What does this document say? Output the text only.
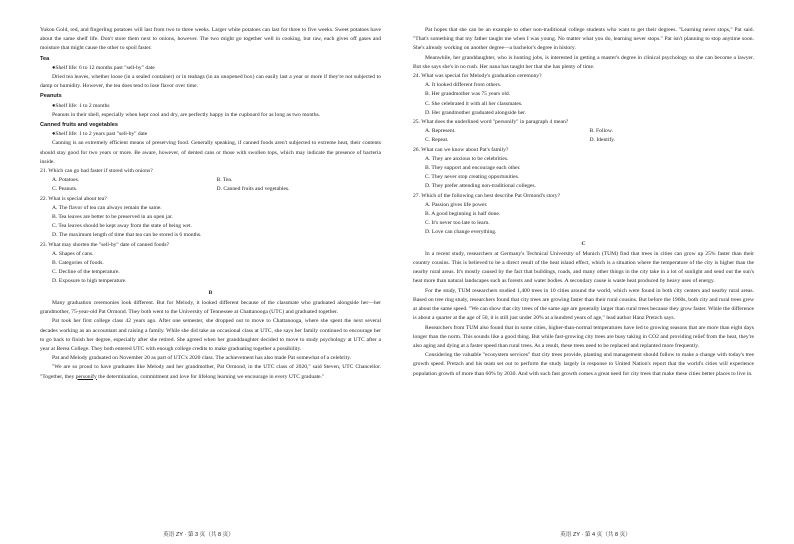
Yukon Gold, red, and fingerling potatoes will last from two to three weeks. Larger white potatoes can last for three to five weeks. Sweet potatoes have about the same shelf life. Don't store them next to onions, however. The two might go together well in cooking, but raw, each gives off gases and moisture that might cause the other to spoil faster.

Tea

●Shelf life: 6 to 12 months past "sell-by" date

Dried tea leaves, whether loose (in a sealed container) or in teabags (in an unopened box) can easily last a year or more if they're not subjected to damp or humidity. However, the tea does tend to lose flavor over time.

Peanuts

●Shelf life: 1 to 2 months

Peanuts in their shell, especially when kept cool and dry, are perfectly happy in the cupboard for as long as two months.

Canned fruits and vegetables

●Shelf life: 1 to 2 years past "sell-by" date

Canning is an extremely efficient means of preserving food. Generally speaking, if canned foods aren't subjected to extreme heat, their contents should stay good for two years or more. Be aware, however, of dented cans or those with swollen tops, which may indicate the presence of bacteria inside.

21. Which can go bad faster if stored with onions?

A. Potatoes.	B. Tea.
C. Peanuts.	D. Canned fruits and vegetables.

22. What is special about tea?

A. The flavor of tea can always remain the same.

B. Tea leaves are better to be preserved in an open jar.

C. Tea leaves should be kept away from the state of being wet.

D. The maximum length of time that tea can be stored is 6 months.

23. What may shorten the "sell-by" date of canned foods?

A. Shapes of cans.

B. Categories of foods.

C. Decline of the temperature.

D. Exposure to high temperature.

B

Many graduation ceremonies look different. But for Melody, it looked different because of the classmate who graduated alongside her—her grandmother, 75-year-old Pat Ormond. They both went to the University of Tennessee at Chattanooga (UTC) and graduated together.

Pat took her first college class 42 years ago. After one semester, she dropped out to move to Chattanooga, where she spent the next several decades working as an accountant and raising a family. While she did take an occasional class at UTC, she says her family continued to encourage her to go back to finish her degree, especially after she retired. She agreed when her granddaughter decided to move to study psychology at UTC after a year at Berea College. They both entered UTC with enough college credits to make graduating together a possibility.

Pat and Melody graduated on November 20 as part of UTC's 2020 class. The achievement has also made Pat somewhat of a celebrity.

"We are so proud to have graduates like Melody and her grandmother, Pat Ormond, in the UTC class of 2020," said Steven, UTC Chancellor. "Together, they personify the determination, commitment and love for lifelong learning we encourage in every UTC graduate."

英语 ZY · 第 3 页（共 8 页）

Pat hopes that she can be an example to other non-traditional college students who want to get their degrees. "Learning never stops," Pat said. "That's something that my father taught me when I was young. No matter what you do, learning never stops." Pat isn't planning to stop anytime soon. She's already working on another degree—a bachelor's degree in history.

Meanwhile, her granddaughter, who is hunting jobs, is interested in getting a master's degree in clinical psychology so she can become a lawyer. But she says she's in no rush. Her nana has taught her that she has plenty of time.

24. What was special for Melody's graduation ceremony?

A. It looked different from others.

B. Her grandmother was 75 years old.

C. She celebrated it with all her classmates.

D. Her grandmother graduated alongside her.

25. What does the underlined word "personify" in paragraph 4 mean?

A. Represent.	B. Follow.
C. Repeat.	D. Identify.

26. What can we know about Pat's family?

A. They are anxious to be celebrities.

B. They support and encourage each other.

C. They never stop creating opportunities.

D. They prefer attending non-traditional colleges.

27. Which of the following can best describe Pat Ormond's story?

A. Passion gives life power.

B. A good beginning is half done.

C. It's never too late to learn.

D. Love can change everything.

C

In a recent study, researchers at Germany's Technical University of Munich (TUM) find that trees in cities can grow up 25% faster than their country cousins. This is believed to be a direct result of the heat island effect, which is a situation where the temperature of the city is higher than the nearby rural areas. It's mostly caused by the fact that buildings, roads, and many other things in the city take in a lot of sunlight and send out the sun's heat more than natural landscapes such as forests and water bodies. A secondary cause is waste heat produced by heavy uses of energy.

For the study, TUM researchers studied 1,400 trees in 10 cities around the world, which were found in both city centers and nearby rural areas. Based on tree ring study, researchers found that city trees are growing faster than their rural cousins. But before the 1960s, both city and rural trees grew at about the same speed. "We can show that city trees of the same age are generally larger than rural trees because they grow faster. While the difference is about a quarter at the age of 50, it is still just under 20% at a hundred years of age," lead author Hanz Pretzch says.

Researchers from TUM also found that in some cities, higher-than-normal temperatures have led to growing seasons that are more than eight days longer than the norm. This sounds like a good thing. But while fast-growing city trees are busy taking in CO2 and providing relief from the heat, they're also aging and dying at a faster speed than rural trees. As a result, these trees need to be replaced and replanted more frequently.

Considering the valuable "ecosystem services" that city trees provide, planting and management should follow to make a change with today's tree growth speed. Pretzch and his team set out to perform the study largely in response to United Nation's report that the world's cities will experience population growth of more than 60% by 2030. And with such fast growth comes a great need for city trees that make these cities better places to live in.

英语 ZY · 第 4 页（共 8 页）
